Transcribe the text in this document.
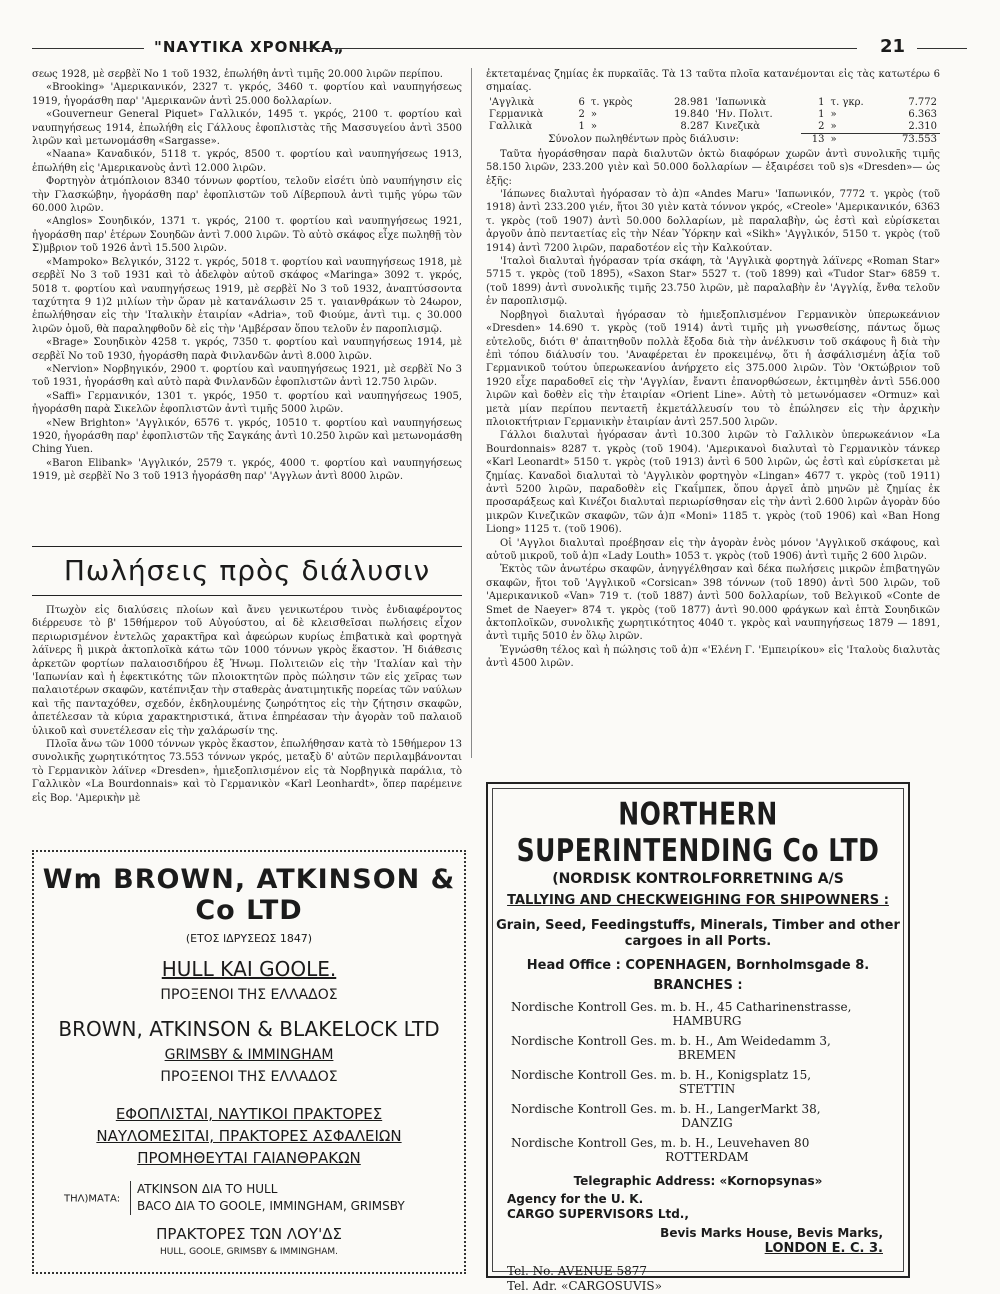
"ΝΑΥΤΙΚΑ ΧΡΟΝΙΚΑ„	21

σεως 1928, μὲ σερβὲϊ Νο 1 τοῦ 1932, ἐπωλήθη ἀντὶ τιμῆς 20.000 λιρῶν περίπου.

«Brooking» 'Αμερικανικόν, 2327 τ. γκρός, 3460 τ. φορτίου καὶ ναυπηγήσεως 1919, ἠγοράσθη παρ' 'Αμερικανῶν ἀντὶ 25.000 δολλαρίων.

«Gouverneur General Piquet» Γαλλικόν, 1495 τ. γκρός, 2100 τ. φορτίου καὶ ναυπηγήσεως 1914, ἐπωλήθη εἰς Γάλλους ἐφοπλιστὰς τῆς Μασσυγείου ἀντὶ 3500 λιρῶν καὶ μετωνομάσθη «Sargasse».

«Naana» Καναδικόν, 5118 τ. γκρός, 8500 τ. φορτίου καὶ ναυπηγήσεως 1913, ἐπωλήθη εἰς 'Αμερικανοὺς ἀντὶ 12.000 λιρῶν.

Φορτηγὸν ἀτμόπλοιον 8340 τόννων φορτίου, τελοῦν εἰσέτι ὑπὸ ναυπήγησιν εἰς τὴν Γλασκώβην, ἠγοράσθη παρ' ἐφοπλιστῶν τοῦ Λίβερπουλ ἀντὶ τιμῆς γύρω τῶν 60.000 λιρῶν.

«Anglos» Σουηδικόν, 1371 τ. γκρός, 2100 τ. φορτίου καὶ ναυπηγήσεως 1921, ἠγοράσθη παρ' ἑτέρων Σουηδῶν ἀντὶ 7.000 λιρῶν. Τὸ αὐτὸ σκάφος εἶχε πωληθῇ τὸν Σ)μβριον τοῦ 1926 ἀντὶ 15.500 λιρῶν.

«Mampoko» Βελγικόν, 3122 τ. γκρός, 5018 τ. φορτίου καὶ ναυπηγήσεως 1918, μὲ σερβὲϊ Νο 3 τοῦ 1931 καὶ τὸ ἀδελφὸν αὐτοῦ σκάφος «Maringa» 3092 τ. γκρός, 5018 τ. φορτίου καὶ ναυπηγήσεως 1919, μὲ σερβὲϊ Νο 3 τοῦ 1932, ἀναπτύσσοντα ταχύτητα 9 1)2 μιλίων τὴν ὥραν μὲ κατανάλωσιν 25 τ. γαιανθράκων τὸ 24ωρον, ἐπωλήθησαν εἰς τὴν 'Ιταλικὴν ἑταιρίαν «Adria», τοῦ Φιούμε, ἀντὶ τιμ. ς 30.000 λιρῶν ὁμοῦ, θὰ παραληφθοῦν δὲ εἰς τὴν 'Αμβέρσαν ὅπου τελοῦν ἐν παροπλισμῷ.

«Brage» Σουηδικὸν 4258 τ. γκρός, 7350 τ. φορτίου καὶ ναυπηγήσεως 1914, μὲ σερβὲϊ Νο τοῦ 1930, ἠγοράσθη παρὰ Φινλανδῶν ἀντὶ 8.000 λιρῶν.

«Nervion» Νορβηγικόν, 2900 τ. φορτίου καὶ ναυπηγήσεως 1921, μὲ σερβὲϊ Νο 3 τοῦ 1931, ἠγοράσθη καὶ αὐτὸ παρὰ Φινλανδῶν ἐφοπλιστῶν ἀντὶ 12.750 λιρῶν.

«Saffi» Γερμανικόν, 1301 τ. γκρός, 1950 τ. φορτίου καὶ ναυπηγήσεως 1905, ἠγοράσθη παρὰ Σικελῶν ἐφοπλιστῶν ἀντὶ τιμῆς 5000 λιρῶν.

«New Brighton» 'Αγγλικόν, 6576 τ. γκρός, 10510 τ. φορτίου καὶ ναυπηγήσεως 1920, ἠγοράσθη παρ' ἐφοπλιστῶν τῆς Σαγκάης ἀντὶ 10.250 λιρῶν καὶ μετωνομάσθη Ching Yuen.

«Baron Elibank» 'Αγγλικόν, 2579 τ. γκρός, 4000 τ. φορτίου καὶ ναυπηγήσεως 1919, μὲ σερβὲϊ Νο 3 τοῦ 1913 ἠγοράσθη παρ' 'Αγγλων ἀντὶ 8000 λιρῶν.

Πωλήσεις πρὸς διάλυσιν

Πτωχὸν εἰς διαλύσεις πλοίων καὶ ἄνευ γενικωτέρου τινὸς ἐνδιαφέροντος διέρρευσε τὸ β' 15θήμερον τοῦ Αὐγούστου, αἱ δὲ κλεισθεῖσαι πωλήσεις εἶχον περιωρισμένον ἐντελῶς χαρακτῆρα καὶ ἀφεώρων κυρίως ἐπιβατικὰ καὶ φορτηγὰ λάϊνερς ἢ μικρὰ ἀκτοπλοϊκὰ κάτω τῶν 1000 τόννων γκρὸς ἕκαστον. Ἡ διάθεσις ἀρκετῶν φορτίων παλαιοσιδήρου ἐξ Ἠνωμ. Πολιτειῶν εἰς τὴν 'Ιταλίαν καὶ τὴν 'Ιαπωνίαν καὶ ἡ ἐφεκτικότης τῶν πλοιοκτητῶν πρὸς πώλησιν τῶν εἰς χεῖρας των παλαιοτέρων σκαφῶν, κατέπνιξαν τὴν σταθερὰς ἀνατιμητικῆς πορείας τῶν ναύλων καὶ τῆς πανταχόθεν, σχεδόν, ἐκδηλουμένης ζωηρότητος εἰς τὴν ζήτησιν σκαφῶν, ἀπετέλεσαν τὰ κύρια χαρακτηριστικά, ἅτινα ἐπηρέασαν τὴν ἀγορὰν τοῦ παλαιοῦ ὑλικοῦ καὶ συνετέλεσαν εἰς τὴν χαλάρωσίν της.

Πλοῖα ἄνω τῶν 1000 τόννων γκρὸς ἕκαστον, ἐπωλήθησαν κατὰ τὸ 15θήμερον 13 συνολικῆς χωρητικότητος 73.553 τόννων γκρός, μεταξὺ δ' αὐτῶν περιλαμβάνονται τὸ Γερμανικὸν λάϊνερ «Dresden», ἡμιεξοπλισμένον εἰς τὰ Νορβηγικὰ παράλια, τὸ Γαλλικὸν «La Bourdonnais» καὶ τὸ Γερμανικὸν «Karl Leonhardt», ὅπερ παρέμεινε εἰς Βορ. 'Αμερικὴν μὲ

ἐκτεταμένας ζημίας ἐκ πυρκαϊᾶς. Τὰ 13 ταῦτα πλοῖα κατανέμονται εἰς τὰς κατωτέρω 6 σημαίας.

'Αγγλικὰ	6	τ. γκρὸς	28.981	'Ιαπωνικὰ	1	τ. γκρ.	7.772
Γερμανικὰ	2	»	19.840	'Ην. Πολιτ.	1	»	6.363
Γαλλικὰ	1	»	8.287	Κινεζικὰ	2	»	2.310
Σύνολον πωληθέντων πρὸς διάλυσιν:					13	»	73.553

Ταῦτα ἠγοράσθησαν παρὰ διαλυτῶν ὀκτὼ διαφόρων χωρῶν ἀντὶ συνολικῆς τιμῆς 58.150 λιρῶν, 233.200 γιὲν καὶ 50.000 δολλαρίων — ἐξαιρέσει τοῦ s)s «Dresden»— ὡς ἑξῆς:

'Ιάπωνες διαλυταὶ ἠγόρασαν τὸ ἀ)π «Andes Maru» 'Ιαπωνικόν, 7772 τ. γκρὸς (τοῦ 1918) ἀντὶ 233.200 γιέν, ἤτοι 30 γιὲν κατὰ τόννον γκρός, «Creole» 'Αμερικανικόν, 6363 τ. γκρὸς (τοῦ 1907) ἀντὶ 50.000 δολλαρίων, μὲ παραλαβὴν, ὡς ἐστὶ καὶ εὑρίσκεται ἀργοῦν ἀπὸ πενταετίας εἰς τὴν Νέαν Ὑόρκην καὶ «Sikh» 'Αγγλικόν, 5150 τ. γκρὸς (τοῦ 1914) ἀντὶ 7200 λιρῶν, παραδοτέον εἰς τὴν Καλκούταν.

'Ιταλοὶ διαλυταὶ ἠγόρασαν τρία σκάφη, τὰ 'Αγγλικὰ φορτηγὰ λάϊνερς «Roman Star» 5715 τ. γκρὸς (τοῦ 1895), «Saxon Star» 5527 τ. (τοῦ 1899) καὶ «Tudor Star» 6859 τ. (τοῦ 1899) ἀντὶ συνολικῆς τιμῆς 23.750 λιρῶν, μὲ παραλαβὴν ἐν 'Αγγλίᾳ, ἔνθα τελοῦν ἐν παροπλισμῷ.

Νορβηγοὶ διαλυταὶ ἠγόρασαν τὸ ἡμιεξοπλισμένον Γερμανικὸν ὑπερωκεάνιον «Dresden» 14.690 τ. γκρὸς (τοῦ 1914) ἀντὶ τιμῆς μὴ γνωσθείσης, πάντως ὅμως εὐτελοῦς, διότι θ' ἀπαιτηθοῦν πολλὰ ἔξοδα διὰ τὴν ἀνέλκυσιν τοῦ σκάφους ἢ διὰ τὴν ἐπὶ τόπου διάλυσίν του. 'Αναφέρεται ἐν προκειμένῳ, ὅτι ἡ ἀσφάλισμένη ἀξία τοῦ Γερμανικοῦ τούτου ὑπερωκεανίου ἀνήρχετο εἰς 375.000 λιρῶν. Τὸν 'Οκτώβριον τοῦ 1920 εἶχε παραδοθεῖ εἰς τὴν 'Αγγλίαν, ἔναντι ἐπανορθώσεων, ἐκτιμηθὲν ἀντὶ 556.000 λιρῶν καὶ δοθὲν εἰς τὴν ἑταιρίαν «Orient Line». Αὐτὴ τὸ μετωνόμασεν «Ormuz» καὶ μετὰ μίαν περίπου πενταετῆ ἐκμετάλλευσίν του τὸ ἐπώλησεν εἰς τὴν ἀρχικὴν πλοιοκτήτριαν Γερμανικὴν ἑταιρίαν ἀντὶ 257.500 λιρῶν.

Γάλλοι διαλυταὶ ἠγόρασαν ἀντὶ 10.300 λιρῶν τὸ Γαλλικὸν ὑπερωκεάνιον «La Bourdonnais» 8287 τ. γκρὸς (τοῦ 1904). 'Αμερικανοὶ διαλυταὶ τὸ Γερμανικὸν τάνκερ «Karl Leonardt» 5150 τ. γκρὸς (τοῦ 1913) ἀντὶ 6 500 λιρῶν, ὡς ἐστὶ καὶ εὑρίσκεται μὲ ζημίας. Καναδοὶ διαλυταὶ τὸ 'Αγγλικὸν φορτηγὸν «Lingan» 4677 τ. γκρὸς (τοῦ 1911) ἀντὶ 5200 λιρῶν, παραδοθὲν εἰς Γκαΐμπεκ, ὅπου ἀργεῖ ἀπὸ μηνῶν μὲ ζημίας ἐκ προσαράξεως καὶ Κινέζοι διαλυταὶ περιωρίσθησαν εἰς τὴν ἀντὶ 2.600 λιρῶν ἀγορὰν δύο μικρῶν Κινεζικῶν σκαφῶν, τῶν ἀ)π «Moni» 1185 τ. γκρὸς (τοῦ 1906) καὶ «Ban Hong Liong» 1125 τ. (τοῦ 1906).

Οἱ 'Αγγλοι διαλυταὶ προέβησαν εἰς τὴν ἀγορὰν ἑνὸς μόνον 'Αγγλικοῦ σκάφους, καὶ αὐτοῦ μικροῦ, τοῦ ἀ)π «Lady Louth» 1053 τ. γκρὸς (τοῦ 1906) ἀντὶ τιμῆς 2 600 λιρῶν.

Ἐκτὸς τῶν ἀνωτέρω σκαφῶν, ἀνηγγέλθησαν καὶ δέκα πωλήσεις μικρῶν ἐπιβατηγῶν σκαφῶν, ἤτοι τοῦ 'Αγγλικοῦ «Corsican» 398 τόννων (τοῦ 1890) ἀντὶ 500 λιρῶν, τοῦ 'Αμερικανικοῦ «Van» 719 τ. (τοῦ 1887) ἀντὶ 500 δολλαρίων, τοῦ Βελγικοῦ «Conte de Smet de Naeyer» 874 τ. γκρὸς (τοῦ 1877) ἀντὶ 90.000 φράγκων καὶ ἑπτὰ Σουηδικῶν ἀκτοπλοϊκῶν, συνολικῆς χωρητικότητος 4040 τ. γκρὸς καὶ ναυπηγήσεως 1879 — 1891, ἀντὶ τιμῆς 5010 ἐν ὅλῳ λιρῶν.

Ἐγνώσθη τέλος καὶ ἡ πώλησις τοῦ ἀ)π «'Ελένη Γ. 'Εμπειρίκου» εἰς 'Ιταλοὺς διαλυτὰς ἀντὶ 4500 λιρῶν.

Wm BROWN, ATKINSON & Co LTD
(ΕΤΟΣ ΙΔΡΥΣΕΩΣ 1847)
HULL ΚΑΙ GOOLE.
ΠΡΟΞΕΝΟΙ ΤΗΣ ΕΛΛΑΔΟΣ
BROWN, ATKINSON & BLAKELOCK LTD
GRIMSBY & IMMINGHAM
ΠΡΟΞΕΝΟΙ ΤΗΣ ΕΛΛΑΔΟΣ
ΕΦΟΠΛΙΣΤΑΙ, ΝΑΥΤΙΚΟΙ ΠΡΑΚΤΟΡΕΣ
ΝΑΥΛΟΜΕΣΙΤΑΙ, ΠΡΑΚΤΟΡΕΣ ΑΣΦΑΛΕΙΩΝ
ΠΡΟΜΗΘΕΥΤΑΙ ΓΑΙΑΝΘΡΑΚΩΝ
ΤΗΛ)ΜΑΤΑ:
ATKINSON ΔΙΑ ΤΟ HULL
BACO ΔΙΑ ΤΟ GOOLE, IMMINGHAM, GRIMSBY
ΠΡΑΚΤΟΡΕΣ ΤΩΝ ΛΟΥ'ΔΣ
HULL, GOOLE, GRIMSBY & IMMINGHAM.
NORTHERN SUPERINTENDING Co LTD
(NORDISK KONTROLFORRETNING A/S
TALLYING AND CHECKWEIGHING FOR SHIPOWNERS :
Grain, Seed, Feedingstuffs, Minerals, Timber and other cargoes in all Ports.
Head Office : COPENHAGEN, Bornholmsgade 8.
BRANCHES :
Nordische Kontroll Ges. m. b. H., 45 Catharinenstrasse,
HAMBURG
Nordische Kontroll Ges. m. b. H., Am Weidedamm 3,
BREMEN
Nordische Kontroll Ges. m. b. H., Konigsplatz 15,
STETTIN
Nordische Kontroll Ges. m. b. H., LangerMarkt 38,
DANZIG
Nordische Kontroll Ges, m. b. H., Leuvehaven 80
ROTTERDAM
Telegraphic Address: «Kornopsynas»
Agency for the U. K.
CARGO SUPERVISORS Ltd.,
Bevis Marks House, Bevis Marks,
LONDON E. C. 3.
Tel. No. AVENUE 5877
Tel. Adr. «CARGOSUVIS»
